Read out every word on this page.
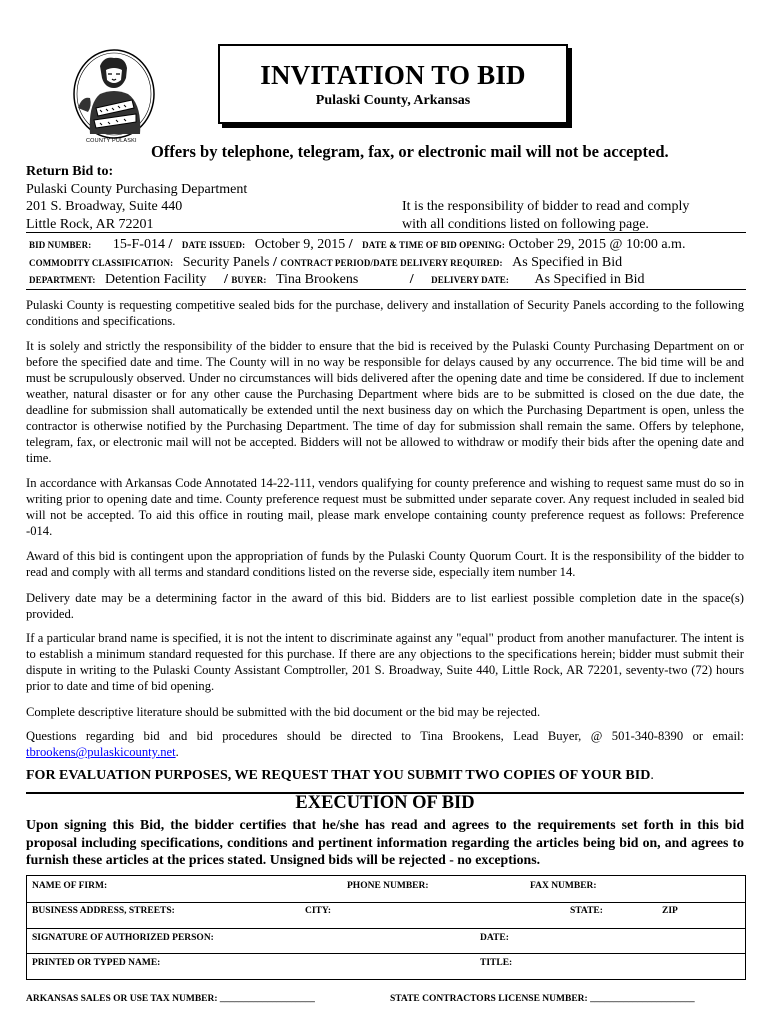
COUNTY PULASKI
INVITATION TO BID
Pulaski County, Arkansas
Offers by telephone, telegram, fax, or electronic mail will not be accepted.
Return Bid to:
Pulaski County Purchasing Department
201 S. Broadway, Suite 440
Little Rock, AR 72201
It is the responsibility of bidder to read and comply
with all conditions listed on following page.
BID NUMBER: 15-F-014 / DATE ISSUED: October 9, 2015 / DATE & TIME OF BID OPENING: October 29, 2015 @ 10:00 a.m.
COMMODITY CLASSIFICATION: Security Panels / CONTRACT PERIOD/DATE DELIVERY REQUIRED: As Specified in Bid
DEPARTMENT: Detention Facility / BUYER: Tina Brookens	/ DELIVERY DATE: As Specified in Bid

Pulaski County is requesting competitive sealed bids for the purchase, delivery and installation of Security Panels according to the following conditions and specifications.

It is solely and strictly the responsibility of the bidder to ensure that the bid is received by the Pulaski County Purchasing Department on or before the specified date and time. The County will in no way be responsible for delays caused by any occurrence. The bid time will be and must be scrupulously observed. Under no circumstances will bids delivered after the opening date and time be considered. If due to inclement weather, natural disaster or for any other cause the Purchasing Department where bids are to be submitted is closed on the due date, the deadline for submission shall automatically be extended until the next business day on which the Purchasing Department is open, unless the contractor is otherwise notified by the Purchasing Department. The time of day for submission shall remain the same. Offers by telephone, telegram, fax, or electronic mail will not be accepted. Bidders will not be allowed to withdraw or modify their bids after the opening date and time.

In accordance with Arkansas Code Annotated 14-22-111, vendors qualifying for county preference and wishing to request same must do so in writing prior to opening date and time. County preference request must be submitted under separate cover. Any request included in sealed bid will not be accepted. To aid this office in routing mail, please mark envelope containing county preference request as follows: Preference -014.

Award of this bid is contingent upon the appropriation of funds by the Pulaski County Quorum Court. It is the responsibility of the bidder to read and comply with all terms and standard conditions listed on the reverse side, especially item number 14.

Delivery date may be a determining factor in the award of this bid. Bidders are to list earliest possible completion date in the space(s) provided.

If a particular brand name is specified, it is not the intent to discriminate against any "equal" product from another manufacturer. The intent is to establish a minimum standard requested for this purchase. If there are any objections to the specifications herein; bidder must submit their dispute in writing to the Pulaski County Assistant Comptroller, 201 S. Broadway, Suite 440, Little Rock, AR 72201, seventy-two (72) hours prior to date and time of bid opening.

Complete descriptive literature should be submitted with the bid document or the bid may be rejected.

Questions regarding bid and bid procedures should be directed to Tina Brookens, Lead Buyer, @ 501-340-8390 or email: tbrookens@pulaskicounty.net.

FOR EVALUATION PURPOSES, WE REQUEST THAT YOU SUBMIT TWO COPIES OF YOUR BID.
EXECUTION OF BID
Upon signing this Bid, the bidder certifies that he/she has read and agrees to the requirements set forth in this bid proposal including specifications, conditions and pertinent information regarding the articles being bid on, and agrees to furnish these articles at the prices stated. Unsigned bids will be rejected - no exceptions.
NAME OF FIRM:	PHONE NUMBER:	FAX NUMBER:
BUSINESS ADDRESS, STREETS:	CITY:	STATE:	ZIP
SIGNATURE OF AUTHORIZED PERSON:	DATE:
PRINTED OR TYPED NAME:	TITLE:
ARKANSAS SALES OR USE TAX NUMBER: ____________________	STATE CONTRACTORS LICENSE NUMBER: ______________________
